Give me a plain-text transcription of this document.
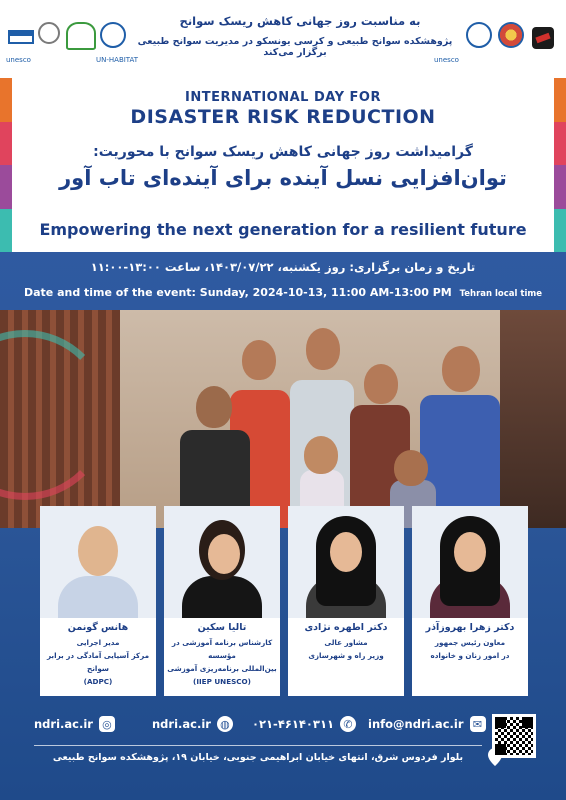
unesco	UN-HABITAT
به مناسبت روز جهانی کاهش ریسک سوانح
پژوهشکده سوانح طبیعی و کرسی یونسکو در مدیریت سوانح طبیعی برگزار می‌کند
unesco
INTERNATIONAL DAY FOR
DISASTER RISK REDUCTION
گرامیداشت روز جهانی کاهش ریسک سوانح با محوریت:
توان‌افزایی نسل آینده برای آینده‌ای تاب آور
Empowering the next generation for a resilient future
تاریخ و زمان برگزاری: روز یکشنبه، ۱۴۰۳/۰۷/۲۲، ساعت ۱۳:۰۰-۱۱:۰۰
Date and time of the event: Sunday, 2024-10-13, 11:00 AM-13:00 PM Tehran local time
هانس گونمن
مدیر اجرایی
مرکز آسیایی آمادگی در برابر سوانح
(ADPC)
تالیا سکین
کارشناس برنامه آموزشی در مؤسسه
بین‌المللی برنامه‌ریزی آموزشی
(IIEP UNESCO)
دکتر اطهره نژادی
مشاور عالی
وزیر راه و شهرسازی
دکتر زهرا بهروزآذر
معاون رئیس جمهور
در امور زنان و خانواده
ndri.ac.ir ◎	ndri.ac.ir ◍ ۰۲۱-۴۶۱۴۰۳۱۱ ✆ info@ndri.ac.ir ✉
بلوار فردوس شرق، انتهای خیابان ابراهیمی جنوبی، خیابان ۱۹، پژوهشکده سوانح طبیعی
